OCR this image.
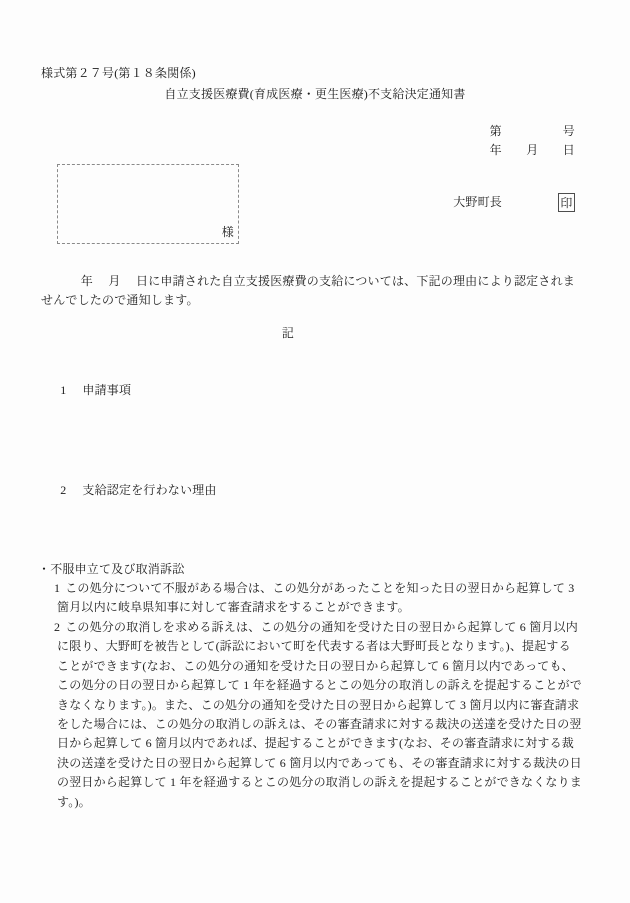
様式第２７号(第１８条関係)
自立支援医療費(育成医療・更生医療)不支給決定通知書
第　　　　　号
年　　月　　日
様
大野町長	印

　　　 年　 月　 日に申請された自立支援医療費の支給については、下記の理由により認定されませんでしたので通知します。

記

1 申請事項

2 支給認定を行わない理由

・不服申立て及び取消訴訟

1 この処分について不服がある場合は、この処分があったことを知った日の翌日から起算して 3 箇月以内に岐阜県知事に対して審査請求をすることができます。

2 この処分の取消しを求める訴えは、この処分の通知を受けた日の翌日から起算して 6 箇月以内に限り、大野町を被告として(訴訟において町を代表する者は大野町長となります。)、提起することができます(なお、この処分の通知を受けた日の翌日から起算して 6 箇月以内であっても、この処分の日の翌日から起算して 1 年を経過するとこの処分の取消しの訴えを提起することができなくなります。)。また、この処分の通知を受けた日の翌日から起算して 3 箇月以内に審査請求をした場合には、この処分の取消しの訴えは、その審査請求に対する裁決の送達を受けた日の翌日から起算して 6 箇月以内であれば、提起することができます(なお、その審査請求に対する裁決の送達を受けた日の翌日から起算して 6 箇月以内であっても、その審査請求に対する裁決の日の翌日から起算して 1 年を経過するとこの処分の取消しの訴えを提起することができなくなります。)。
